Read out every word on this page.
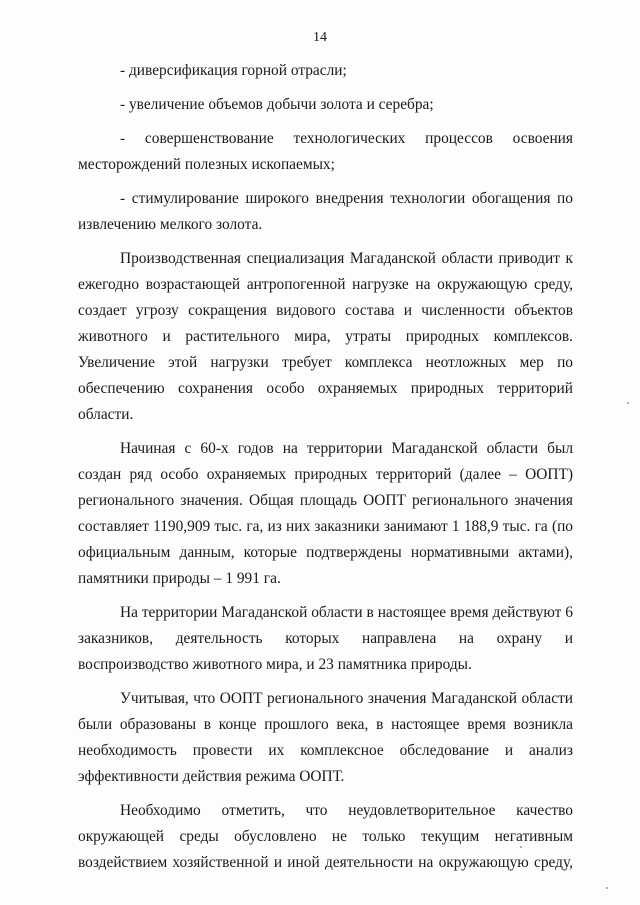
14

- диверсификация горной отрасли;

- увеличение объемов добычи золота и серебра;

- совершенствование технологических процессов освоения месторождений полезных ископаемых;

- стимулирование широкого внедрения технологии обогащения по извлечению мелкого золота.

Производственная специализация Магаданской области приводит к ежегодно возрастающей антропогенной нагрузке на окружающую среду, создает угрозу сокращения видового состава и численности объектов животного и растительного мира, утраты природных комплексов. Увеличение этой нагрузки требует комплекса неотложных мер по обеспечению сохранения особо охраняемых природных территорий области.

Начиная с 60-х годов на территории Магаданской области был создан ряд особо охраняемых природных территорий (далее – ООПТ) регионального значения. Общая площадь ООПТ регионального значения составляет 1190,909 тыс. га, из них заказники занимают 1 188,9 тыс. га (по официальным данным, которые подтверждены нормативными актами), памятники природы – 1 991 га.

На территории Магаданской области в настоящее время действуют 6 заказников, деятельность которых направлена на охрану и воспроизводство животного мира, и 23 памятника природы.

Учитывая, что ООПТ регионального значения Магаданской области были образованы в конце прошлого века, в настоящее время возникла необходимость провести их комплексное обследование и анализ эффективности действия режима ООПТ.

Необходимо отметить, что неудовлетворительное качество окружающей среды обусловлено не только текущим негативным воздействием хозяйственной и иной деятельности на окружающую среду,
